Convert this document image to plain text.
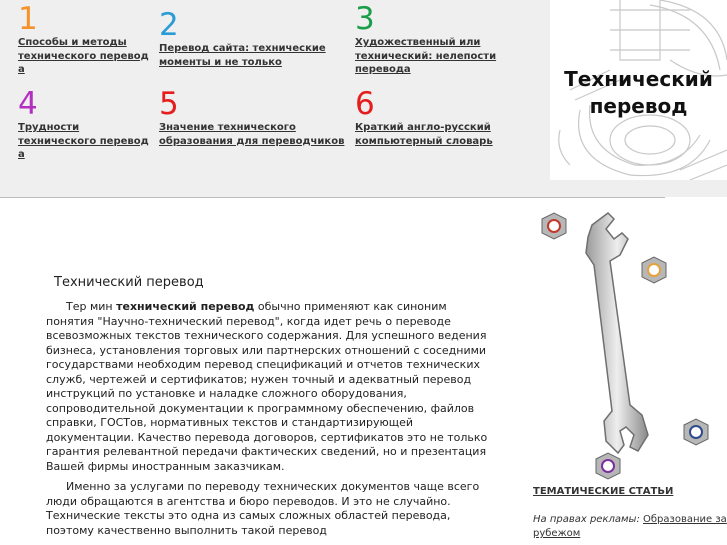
1
Способы и методы технического перевод а
2
Перевод сайта: технические моменты и не только
3
Художественный или технический: нелепости перевода
4
Трудности технического перевод а
5
Значение технического образования для переводчиков
6
Краткий англо-русский компьютерный словарь
Технический перевод
Технический перевод

Тер мин технический перевод обычно применяют как синоним понятия "Научно-технический перевод", когда идет речь о переводе всевозможных текстов технического содержания. Для успешного ведения бизнеса, установления торговых или партнерских отношений с соседними государствами необходим перевод спецификаций и отчетов технических служб, чертежей и сертификатов; нужен точный и адекватный перевод инструкций по установке и наладке сложного оборудования, сопроводительной документации к программному обеспечению, файлов справки, ГОСТов, нормативных текстов и стандартизирующей документации. Качество перевода договоров, сертификатов это не только гарантия релевантной передачи фактических сведений, но и презентация Вашей фирмы иностранным заказчикам.

Именно за услугами по переводу технических документов чаще всего люди обращаются в агентства и бюро переводов. И это не случайно. Технические тексты это одна из самых сложных областей перевода, поэтому качественно выполнить такой перевод

ТЕМАТИЧЕСКИЕ СТАТЬИ
На правах рекламы: Образование за рубежом
